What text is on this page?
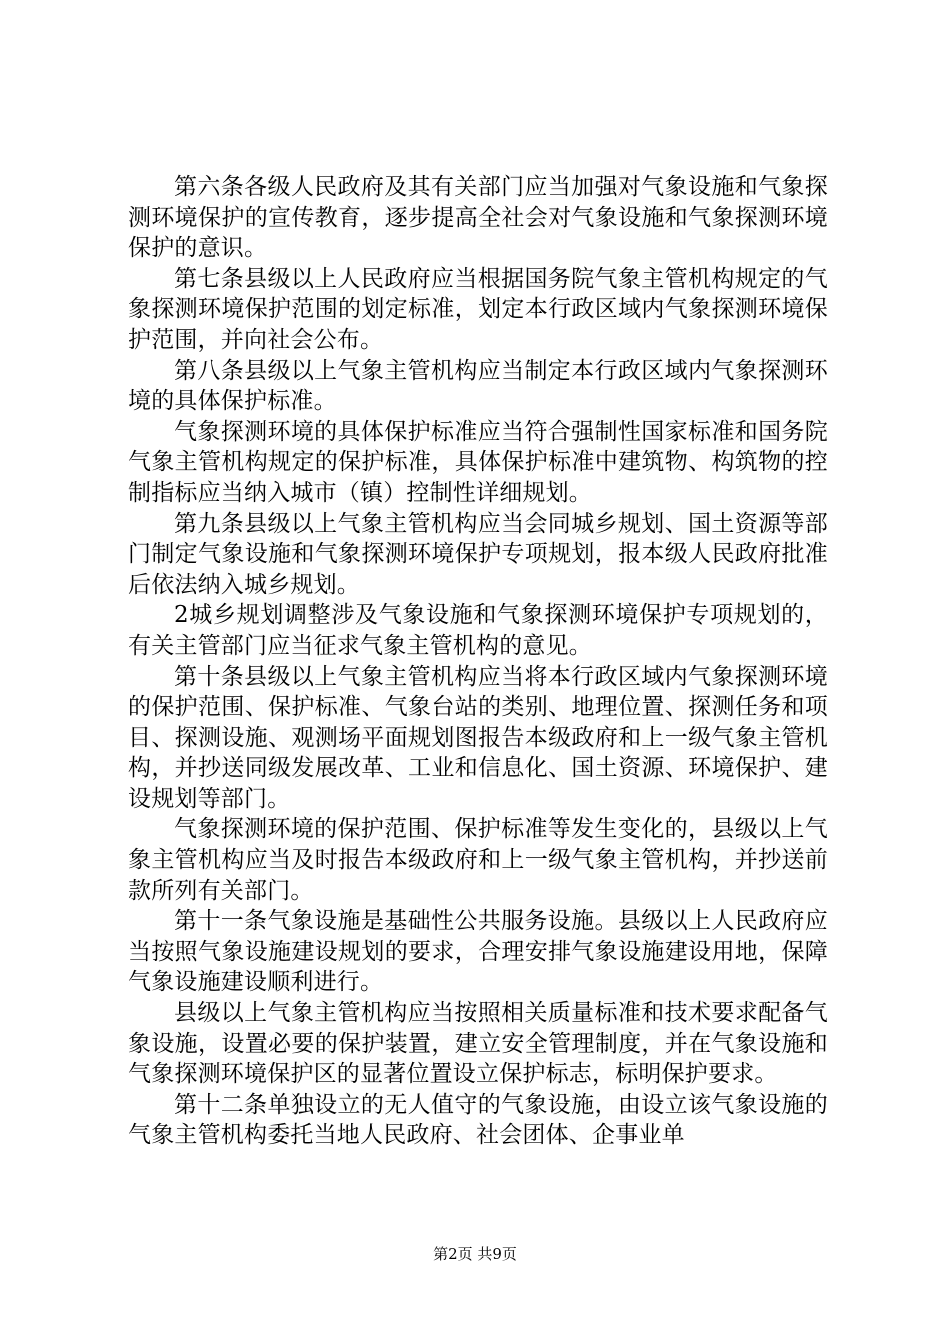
第六条各级人民政府及其有关部门应当加强对气象设施和气象探测环境保护的宣传教育，逐步提高全社会对气象设施和气象探测环境保护的意识。

第七条县级以上人民政府应当根据国务院气象主管机构规定的气象探测环境保护范围的划定标准，划定本行政区域内气象探测环境保护范围，并向社会公布。

第八条县级以上气象主管机构应当制定本行政区域内气象探测环境的具体保护标准。

气象探测环境的具体保护标准应当符合强制性国家标准和国务院气象主管机构规定的保护标准，具体保护标准中建筑物、构筑物的控制指标应当纳入城市（镇）控制性详细规划。

第九条县级以上气象主管机构应当会同城乡规划、国土资源等部门制定气象设施和气象探测环境保护专项规划，报本级人民政府批准后依法纳入城乡规划。

2城乡规划调整涉及气象设施和气象探测环境保护专项规划的，有关主管部门应当征求气象主管机构的意见。

第十条县级以上气象主管机构应当将本行政区域内气象探测环境的保护范围、保护标准、气象台站的类别、地理位置、探测任务和项目、探测设施、观测场平面规划图报告本级政府和上一级气象主管机构，并抄送同级发展改革、工业和信息化、国土资源、环境保护、建设规划等部门。

气象探测环境的保护范围、保护标准等发生变化的，县级以上气象主管机构应当及时报告本级政府和上一级气象主管机构，并抄送前款所列有关部门。

第十一条气象设施是基础性公共服务设施。县级以上人民政府应当按照气象设施建设规划的要求，合理安排气象设施建设用地，保障气象设施建设顺利进行。

县级以上气象主管机构应当按照相关质量标准和技术要求配备气象设施，设置必要的保护装置，建立安全管理制度，并在气象设施和气象探测环境保护区的显著位置设立保护标志，标明保护要求。

第十二条单独设立的无人值守的气象设施，由设立该气象设施的气象主管机构委托当地人民政府、社会团体、企事业单

第2页 共9页
